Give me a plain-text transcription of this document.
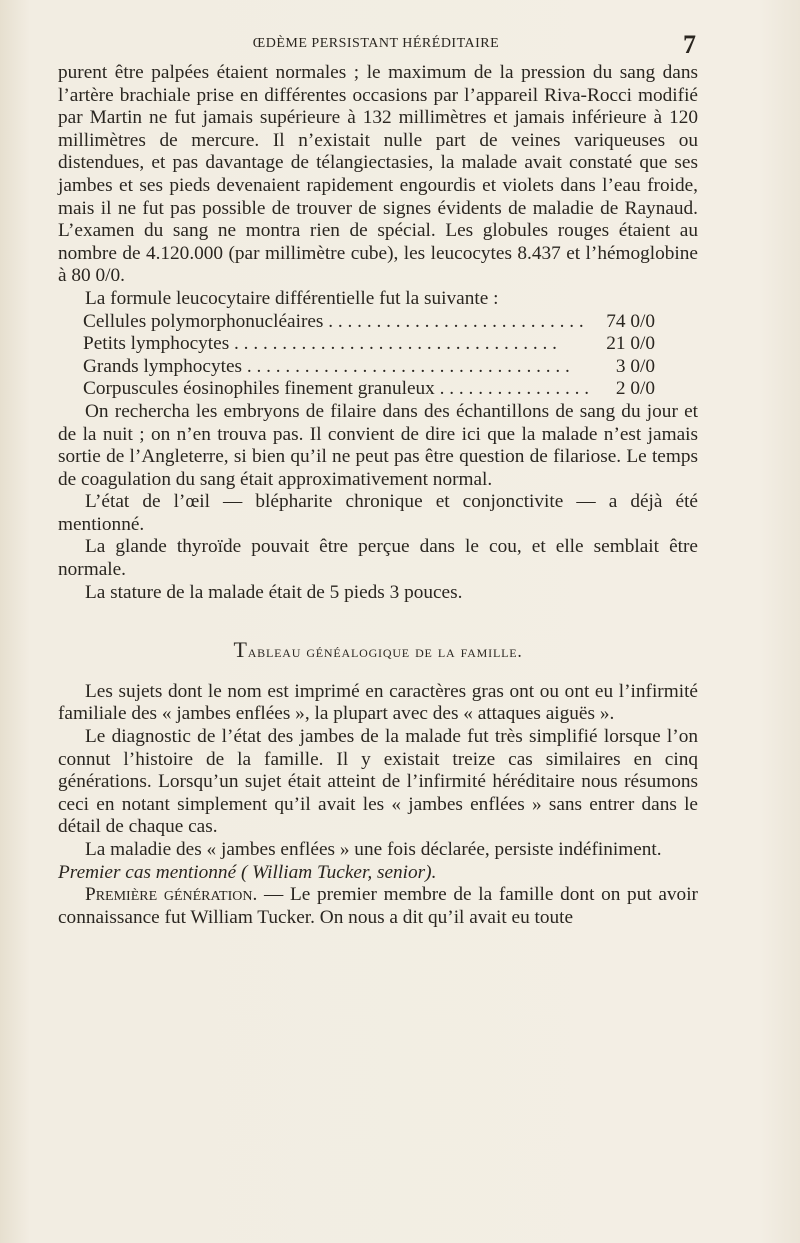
ŒDÈME PERSISTANT HÉRÉDITAIRE	7

purent être palpées étaient normales ; le maximum de la pression du sang dans l’artère brachiale prise en différentes occasions par l’appareil Riva-Rocci modifié par Martin ne fut jamais supérieure à 132 millimètres et jamais inférieure à 120 millimètres de mercure. Il n’existait nulle part de veines variqueuses ou distendues, et pas davantage de télangiectasies, la malade avait constaté que ses jambes et ses pieds devenaient rapidement engourdis et violets dans l’eau froide, mais il ne fut pas possible de trouver de signes évidents de maladie de Raynaud. L’examen du sang ne montra rien de spécial. Les globules rouges étaient au nombre de 4.120.000 (par millimètre cube), les leucocytes 8.437 et l’hémoglobine à 80 0/0.

La formule leucocytaire différentielle fut la suivante :

Cellules polymorphonucléaires . . .	74 0/0
Petits lymphocytes . . .	21 0/0
Grands lymphocytes . . .	3 0/0
Corpuscules éosinophiles finement granuleux . . .	2 0/0

On rechercha les embryons de filaire dans des échantillons de sang du jour et de la nuit ; on n’en trouva pas. Il convient de dire ici que la malade n’est jamais sortie de l’Angleterre, si bien qu’il ne peut pas être question de filariose. Le temps de coagulation du sang était approximativement normal.

L’état de l’œil — blépharite chronique et conjonctivite — a déjà été mentionné.

La glande thyroïde pouvait être perçue dans le cou, et elle semblait être normale.

La stature de la malade était de 5 pieds 3 pouces.

Tableau généalogique de la famille.

Les sujets dont le nom est imprimé en caractères gras ont ou ont eu l’infirmité familiale des « jambes enflées », la plupart avec des « attaques aiguës ».

Le diagnostic de l’état des jambes de la malade fut très simplifié lorsque l’on connut l’histoire de la famille. Il y existait treize cas similaires en cinq générations. Lorsqu’un sujet était atteint de l’infirmité héréditaire nous résumons ceci en notant simplement qu’il avait les « jambes enflées » sans entrer dans le détail de chaque cas.

La maladie des « jambes enflées » une fois déclarée, persiste indéfiniment.

Premier cas mentionné ( William Tucker, senior).

Première génération. — Le premier membre de la famille dont on put avoir connaissance fut William Tucker. On nous a dit qu’il avait eu toute
